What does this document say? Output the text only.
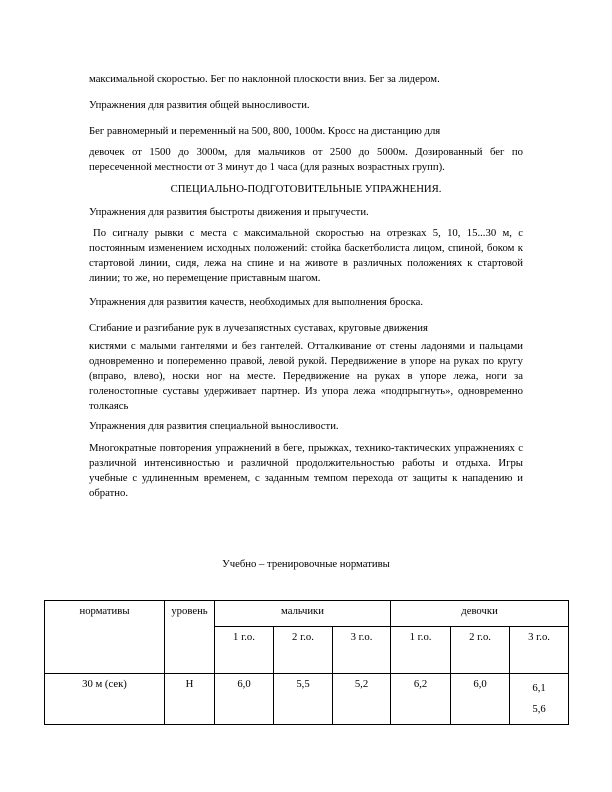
максимальной скоростью. Бег по наклонной плоскости вниз. Бег за лидером.
Упражнения для развития общей выносливости.
Бег равномерный и переменный на 500, 800, 1000м. Кросс на дистанцию для
девочек от 1500 до 3000м, для мальчиков от 2500 до 5000м. Дозированный бег по пересеченной местности от 3 минут до 1 часа (для разных возрастных групп).
СПЕЦИАЛЬНО-ПОДГОТОВИТЕЛЬНЫЕ УПРАЖНЕНИЯ.
Упражнения для развития быстроты движения и прыгучести.
По сигналу рывки с места с максимальной скоростью на отрезках 5, 10, 15...30 м, с постоянным изменением исходных положений: стойка баскетболиста лицом, спиной, боком к стартовой линии, сидя, лежа на спине и на животе в различных положениях к стартовой линии; то же, но перемещение приставным шагом.
Упражнения для развития качеств, необходимых для выполнения броска.
Сгибание и разгибание рук в лучезапястных суставах, круговые движения
кистями с малыми гантелями и без гантелей. Отталкивание от стены ладонями и пальцами одновременно и попеременно правой, левой рукой. Передвижение в упоре на руках по кругу (вправо, влево), носки ног на месте. Передвижение на руках в упоре лежа, ноги за голеностопные суставы удерживает партнер. Из упора лежа «подпрыгнуть», одновременно толкаясь
Упражнения для развития специальной выносливости.
Многократные повторения упражнений в беге, прыжках, технико-тактических упражнениях с различной интенсивностью и различной продолжительностью работы и отдыха. Игры учебные с удлиненным временем, с заданным темпом перехода от защиты к нападению и обратно.
Учебно – тренировочные нормативы
нормативы	уровень	мальчики			девочки		
		1 г.о.	2 г.о.	3 г.о.	1 г.о.	2 г.о.	3 г.о.
30 м (сек)	Н	6,0	5,5	5,2	6,2	6,0	6,1
5,6
